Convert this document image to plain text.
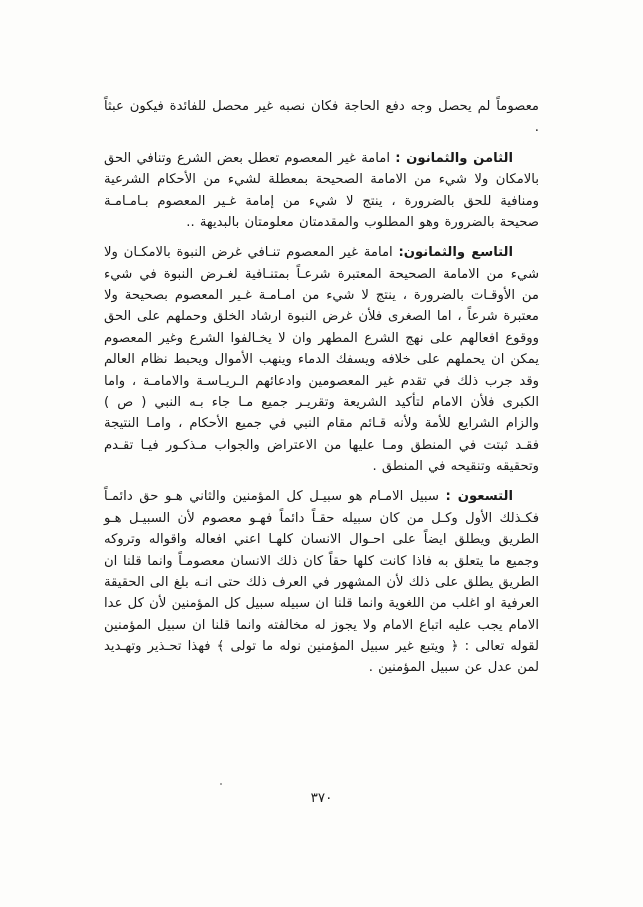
معصوماً لم يحصل وجه دفع الحاجة فكان نصبه غير محصل للفائدة فيكون عبثاً .

الثامن والثمانون : امامة غير المعصوم تعطل بعض الشرع وتنافي الحق بالامكان ولا شيء من الامامة الصحيحة بمعطلة لشيء من الأحكام الشرعية ومنافية للحق بالضرورة ، ينتج لا شيء من إمامة غـير المعصوم بـامـامـة صحيحة بالضرورة وهو المطلوب والمقدمتان معلومتان بالبديهة ..

التاسع والثمانون: امامة غير المعصوم تنـافي غرض النبوة بالامكـان ولا شيء من الامامة الصحيحة المعتبرة شرعـاً بمتنـافية لغـرض النبوة في شيء من الأوقـات بالضرورة ، ينتج لا شيء من امـامـة غـير المعصوم بصحيحة ولا معتبرة شرعاً ، اما الصغرى فلأن غرض النبوة ارشاد الخلق وحملهم على الحق ووقوع افعالهم على نهج الشرع المطهر وان لا يخـالفوا الشرع وغير المعصوم يمكن ان يحملهم على خلافه ويسفك الدماء وينهب الأموال ويحبط نظام العالم وقد جرب ذلك في تقدم غير المعصومين وادعائهم الـريـاسـة والامامـة ، واما الكبرى فلأن الامام لتأكيد الشريعة وتقريـر جميع مـا جاء بـه النبي ( ص ) والزام الشرايع للأمة ولأنه قـائم مقام النبي في جميع الأحكام ، وامـا النتيجة فقـد ثبتت في المنطق ومـا عليها من الاعتراض والجواب مـذكـور فيـا تقـدم وتحقيقه وتنقيحه في المنطق .

التسعون : سبيل الامـام هو سبيـل كل المؤمنين والثاني هـو حق دائمـاً فكـذلك الأول وكـل من كان سبيله حقـاً دائماً فهـو معصوم لأن السبيـل هـو الطريق ويطلق ايضاً على احـوال الانسان كلهـا اعني افعاله واقواله وتروكه وجميع ما يتعلق به فاذا كانت كلها حقاً كان ذلك الانسان معصومـاً وانما قلنا ان الطريق يطلق على ذلك لأن المشهور في العرف ذلك حتى انـه بلغ الى الحقيقة العرفية او اغلب من اللغوية وانما قلنا ان سبيله سبيل كل المؤمنين لأن كل عدا الامام يجب عليه اتباع الامام ولا يجوز له مخالفته وانما قلنا ان سبيل المؤمنين لقوله تعالى : ﴿ ويتبع غير سبيل المؤمنين نوله ما تولى ﴾ فهذا تحـذير وتهـديد لمن عدل عن سبيل المؤمنين .

٣٧٠
